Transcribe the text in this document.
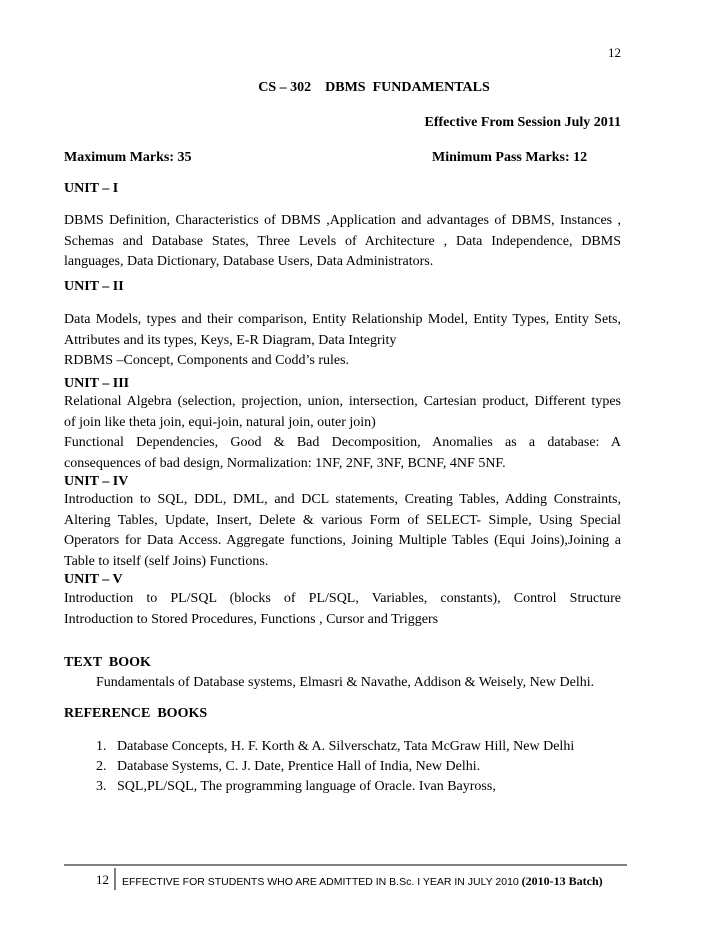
12
CS – 302    DBMS  FUNDAMENTALS
Effective From Session July 2011
Maximum Marks: 35	Minimum Pass Marks: 12
UNIT – I
DBMS Definition, Characteristics of DBMS ,Application and advantages of DBMS, Instances ,
Schemas and Database States, Three Levels of Architecture , Data Independence, DBMS
languages, Data Dictionary, Database Users, Data Administrators.
UNIT – II
Data Models, types and their comparison, Entity Relationship Model, Entity Types, Entity Sets,
Attributes and its types, Keys, E-R Diagram, Data Integrity
RDBMS –Concept, Components and Codd’s rules.
UNIT – III
Relational Algebra (selection, projection, union, intersection, Cartesian product, Different types
of join like theta join, equi-join, natural join, outer join)
Functional Dependencies, Good & Bad Decomposition, Anomalies as a database: A
consequences of bad design, Normalization: 1NF, 2NF, 3NF, BCNF, 4NF 5NF.
UNIT – IV
Introduction to SQL, DDL, DML, and DCL statements, Creating Tables, Adding Constraints,
Altering Tables, Update, Insert, Delete & various Form of SELECT- Simple, Using Special
Operators for Data Access. Aggregate functions, Joining Multiple Tables (Equi Joins),Joining a
Table to itself (self Joins) Functions.
UNIT – V
Introduction to PL/SQL (blocks of PL/SQL, Variables, constants), Control Structure
Introduction to Stored Procedures, Functions , Cursor and Triggers
TEXT  BOOK
Fundamentals of Database systems, Elmasri & Navathe, Addison & Weisely, New Delhi.
REFERENCE  BOOKS
1. Database Concepts, H. F. Korth & A. Silverschatz, Tata McGraw Hill, New Delhi
2. Database Systems, C. J. Date, Prentice Hall of India, New Delhi.
3. SQL,PL/SQL, The programming language of Oracle. Ivan Bayross,
12 EFFECTIVE FOR STUDENTS WHO ARE ADMITTED IN B.Sc. I YEAR IN JULY 2010 (2010-13 Batch)
